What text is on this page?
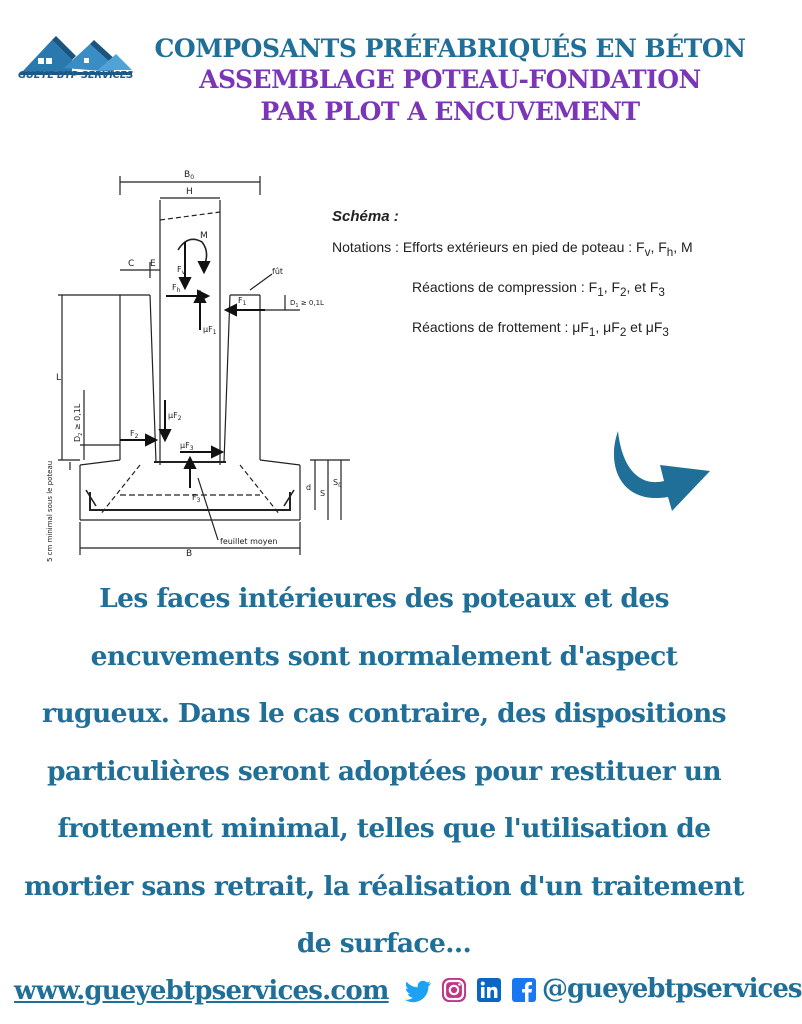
GUEYE BTP SERVICES
COMPOSANTS PRÉFABRIQUÉS EN BÉTON
ASSEMBLAGE POTEAU-FONDATION
PAR PLOT A ENCUVEMENT
$B_0$
H
M
C E
$F_v$
$F_h$
$F_1$
fût
$D_1 \ge 0,1L$
$\mu F_1$
L
$D_2 \ge 0,1L$	$\mu F_2$
$F_2$
$\mu F_3$
$F_3$
d
S
$S_0$
5 cm minimal sous le poteau	feuillet moyen
B
Schéma :
Notations :
Efforts extérieurs en pied de poteau : $F_v$, $F_h$, M
Réactions de compression : $F_1$, $F_2$, et $F_3$
Réactions de frottement : $\mu F_1$, $\mu F_2$ et $\mu F_3$
Les faces intérieures des poteaux et des encuvements sont normalement d'aspect rugueux. Dans le cas contraire, des dispositions particulières seront adoptées pour restituer un frottement minimal, telles que l'utilisation de mortier sans retrait, la réalisation d'un traitement de surface…
www.gueyebtpservices.com	@gueyebtpservices
